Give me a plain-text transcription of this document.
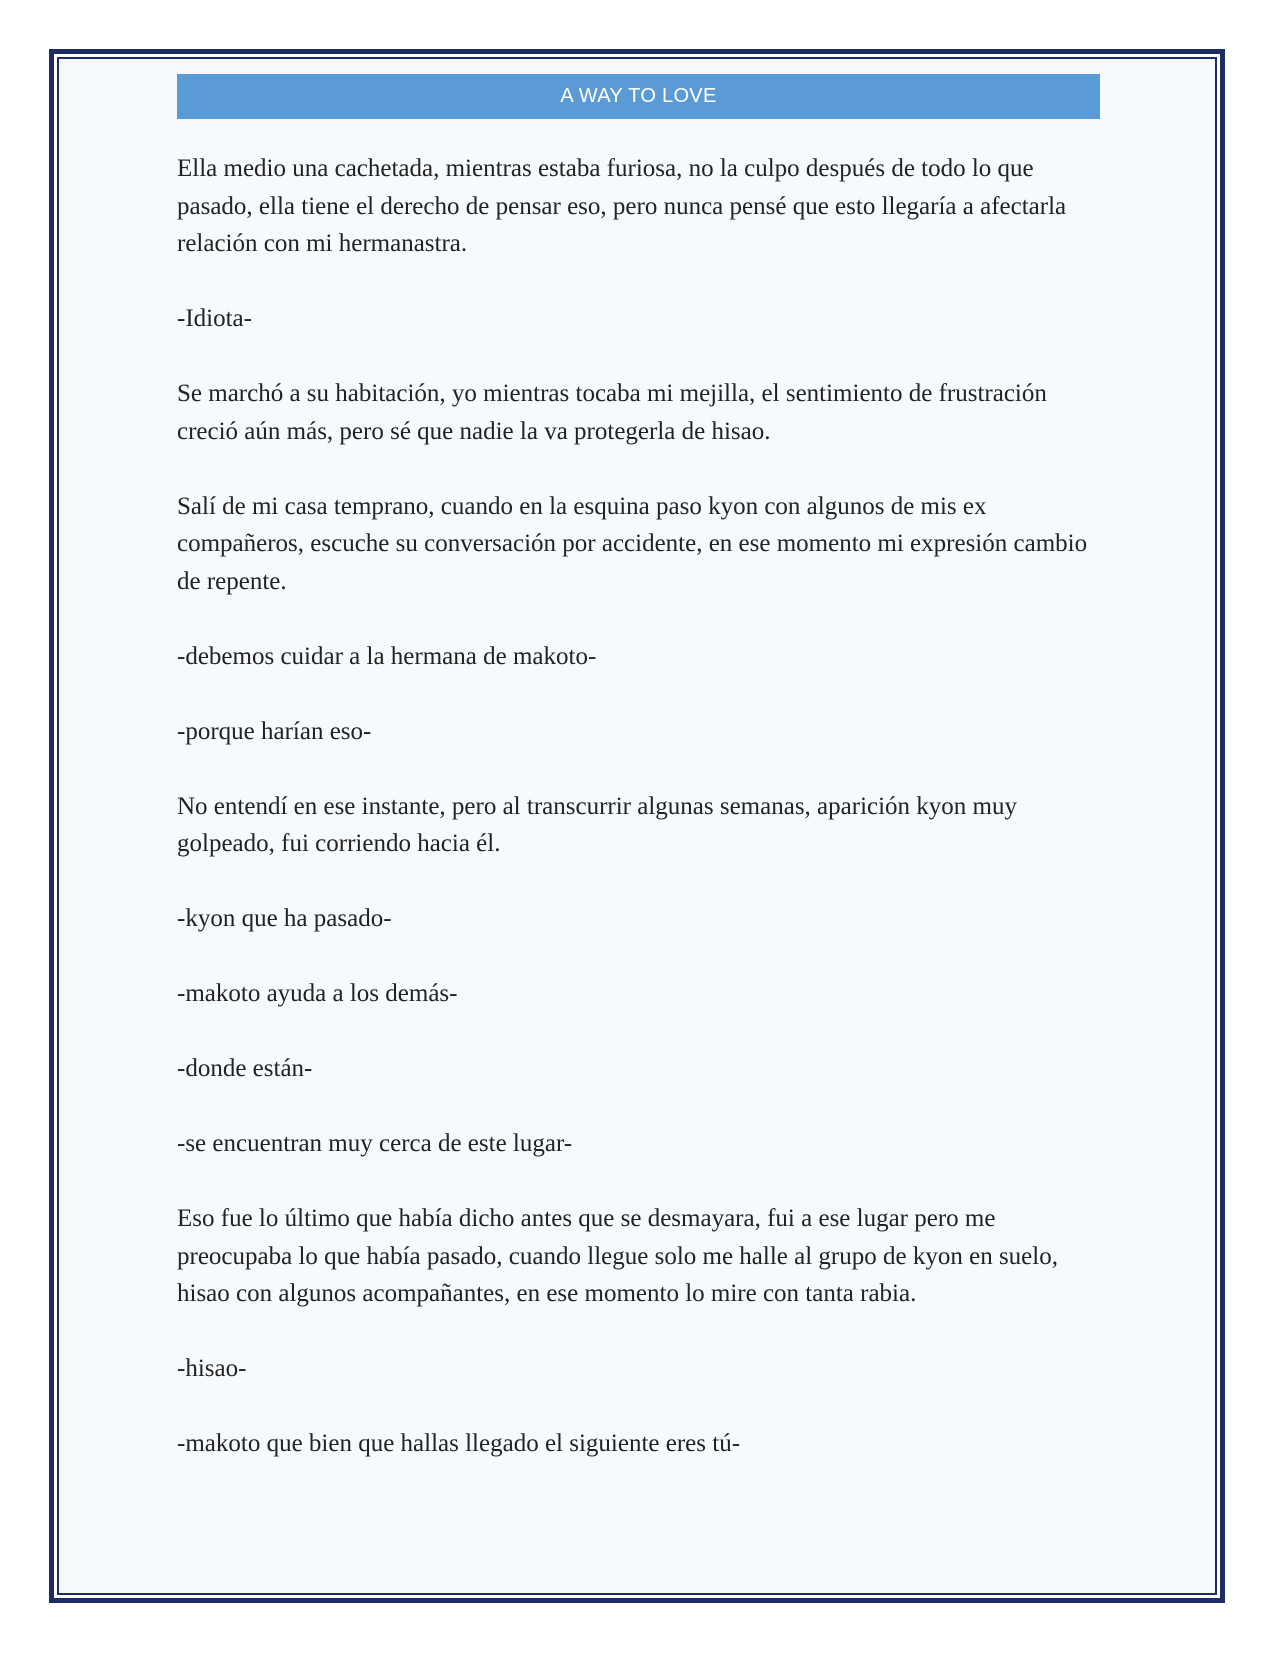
A WAY TO LOVE

Ella medio una cachetada, mientras estaba furiosa, no la culpo después de todo lo que pasado, ella tiene el derecho de pensar eso, pero nunca pensé que esto llegaría a afectarla relación con mi hermanastra.

-Idiota-

Se marchó a su habitación, yo mientras tocaba mi mejilla, el sentimiento de frustración creció aún más, pero sé que nadie la va protegerla de hisao.

Salí de mi casa temprano, cuando en la esquina paso kyon con algunos de mis ex compañeros, escuche su conversación por accidente, en ese momento mi expresión cambio de repente.

-debemos cuidar a la hermana de makoto-

-porque harían eso-

No entendí en ese instante, pero al transcurrir algunas semanas, aparición kyon muy golpeado, fui corriendo hacia él.

-kyon que ha pasado-

-makoto ayuda a los demás-

-donde están-

-se encuentran muy cerca de este lugar-

Eso fue lo último que había dicho antes que se desmayara, fui a ese lugar pero me preocupaba lo que había pasado, cuando llegue solo me halle al grupo de kyon en suelo, hisao con algunos acompañantes, en ese momento lo mire con tanta rabia.

-hisao-

-makoto que bien que hallas llegado el siguiente eres tú-
